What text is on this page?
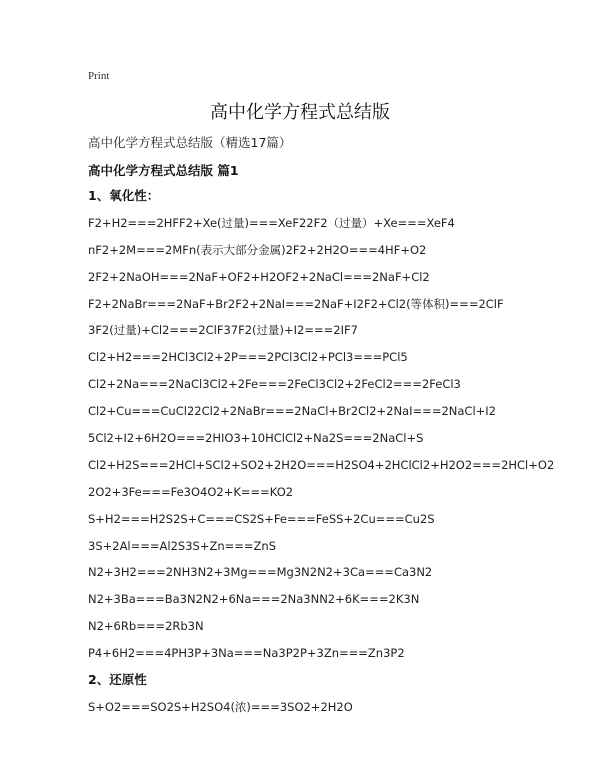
Print
高中化学方程式总结版
高中化学方程式总结版（精选17篇）
高中化学方程式总结版 篇1
1、氧化性：
F2+H2===2HFF2+Xe(过量)===XeF22F2（过量）+Xe===XeF4
nF2+2M===2MFn(表示大部分金属)2F2+2H2O===4HF+O2
2F2+2NaOH===2NaF+OF2+H2OF2+2NaCl===2NaF+Cl2
F2+2NaBr===2NaF+Br2F2+2NaI===2NaF+I2F2+Cl2(等体积)===2ClF
3F2(过量)+Cl2===2ClF37F2(过量)+I2===2IF7
Cl2+H2===2HCl3Cl2+2P===2PCl3Cl2+PCl3===PCl5
Cl2+2Na===2NaCl3Cl2+2Fe===2FeCl3Cl2+2FeCl2===2FeCl3
Cl2+Cu===CuCl22Cl2+2NaBr===2NaCl+Br2Cl2+2NaI===2NaCl+I2
5Cl2+I2+6H2O===2HIO3+10HClCl2+Na2S===2NaCl+S
Cl2+H2S===2HCl+SCl2+SO2+2H2O===H2SO4+2HClCl2+H2O2===2HCl+O2
2O2+3Fe===Fe3O4O2+K===KO2
S+H2===H2S2S+C===CS2S+Fe===FeSS+2Cu===Cu2S
3S+2Al===Al2S3S+Zn===ZnS
N2+3H2===2NH3N2+3Mg===Mg3N2N2+3Ca===Ca3N2
N2+3Ba===Ba3N2N2+6Na===2Na3NN2+6K===2K3N
N2+6Rb===2Rb3N
P4+6H2===4PH3P+3Na===Na3P2P+3Zn===Zn3P2
2、还原性
S+O2===SO2S+H2SO4(浓)===3SO2+2H2O
